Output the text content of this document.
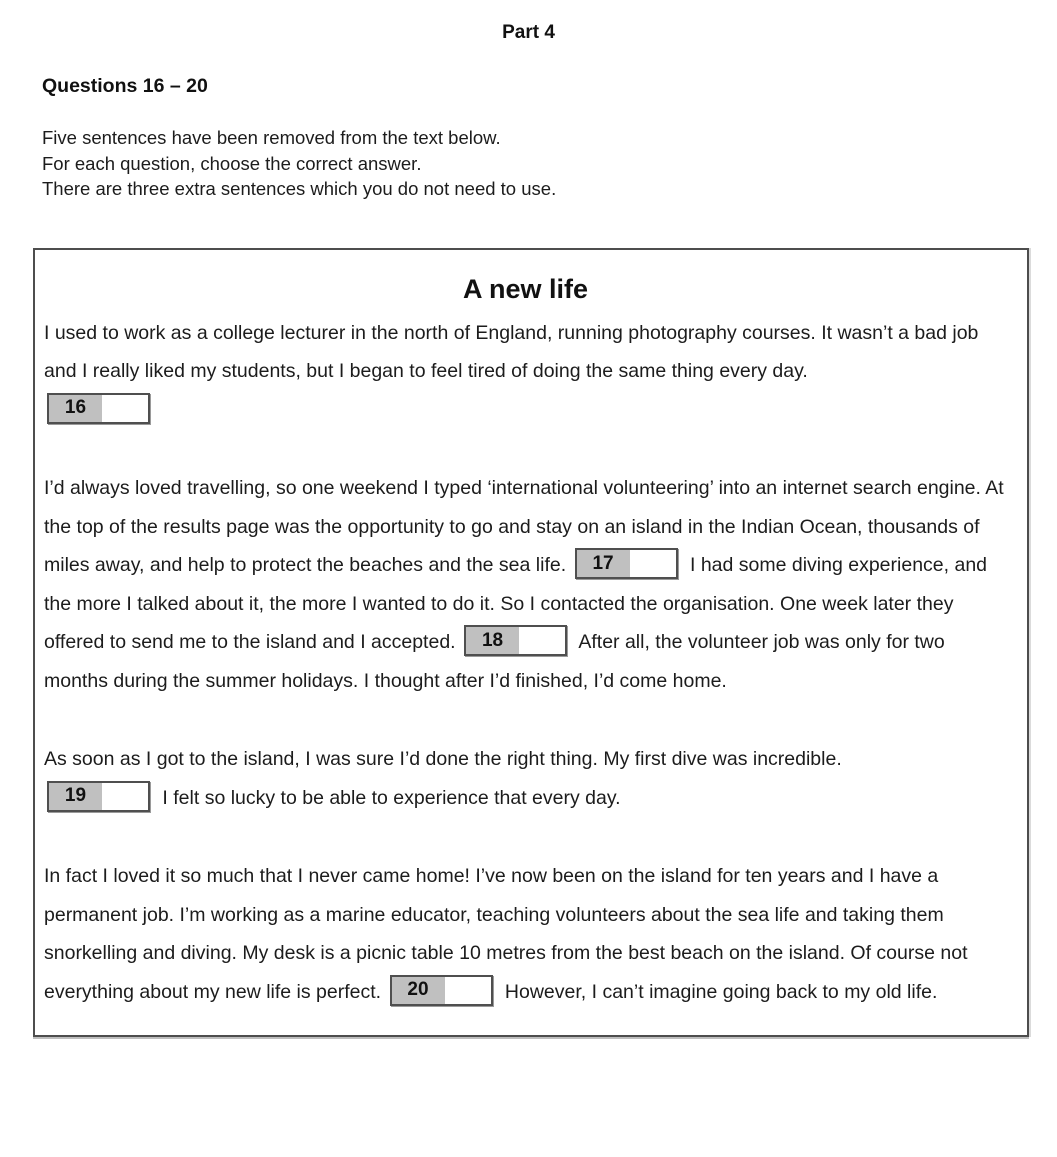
Part 4
Questions 16 – 20
Five sentences have been removed from the text below.
For each question, choose the correct answer.
There are three extra sentences which you do not need to use.
A new life

I used to work as a college lecturer in the north of England, running photography courses. It wasn’t a bad job and I really liked my students, but I began to feel tired of doing the same thing every day.

16

I’d always loved travelling, so one weekend I typed ‘international volunteering’ into an internet search engine. At the top of the results page was the opportunity to go and stay on an island in the Indian Ocean, thousands of miles away, and help to protect the beaches and the sea life.	17	I had some diving experience, and the more I talked about it, the more I wanted to do it. So I contacted the organisation. One week later they offered to send me to the island and I accepted.	18	After all, the volunteer job was only for two months during the summer holidays. I thought after I’d finished, I’d come home.

As soon as I got to the island, I was sure I’d done the right thing. My first dive was incredible.

19	I felt so lucky to be able to experience that every day.

In fact I loved it so much that I never came home! I’ve now been on the island for ten years and I have a permanent job. I’m working as a marine educator, teaching volunteers about the sea life and taking them snorkelling and diving. My desk is a picnic table 10 metres from the best beach on the island. Of course not everything about my new life is perfect.	20	However, I can’t imagine going back to my old life.
